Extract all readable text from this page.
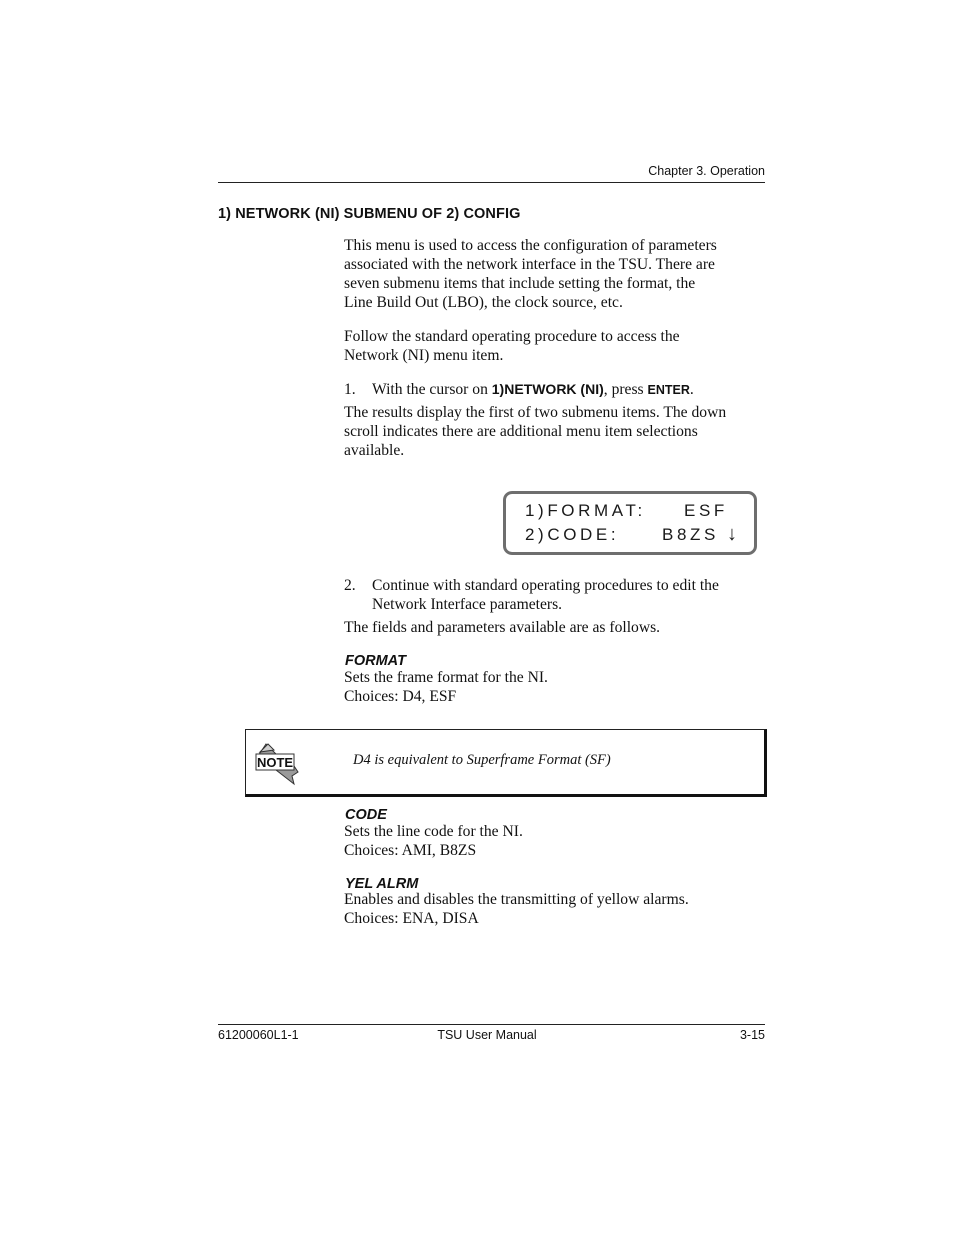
Chapter 3. Operation
1) NETWORK (NI) SUBMENU OF 2) CONFIG
This menu is used to access the configuration of parameters
associated with the network interface in the TSU. There are
seven submenu items that include setting the format, the
Line Build Out (LBO), the clock source, etc.
Follow the standard operating procedure to access the
Network (NI) menu item.
1. With the cursor on 1)NETWORK (NI), press ENTER.
The results display the first of two submenu items. The down
scroll indicates there are additional menu item selections
available.
1)FORMAT: ESF
2)CODE:	B8ZS ↓
2. Continue with standard operating procedures to edit the
Network Interface parameters.
The fields and parameters available are as follows.
FORMAT
Sets the frame format for the NI.
Choices: D4, ESF
NOTE	D4 is equivalent to Superframe Format (SF)
CODE
Sets the line code for the NI.
Choices: AMI, B8ZS
YEL ALRM
Enables and disables the transmitting of yellow alarms.
Choices: ENA, DISA
61200060L1-1	TSU User Manual	3-15
